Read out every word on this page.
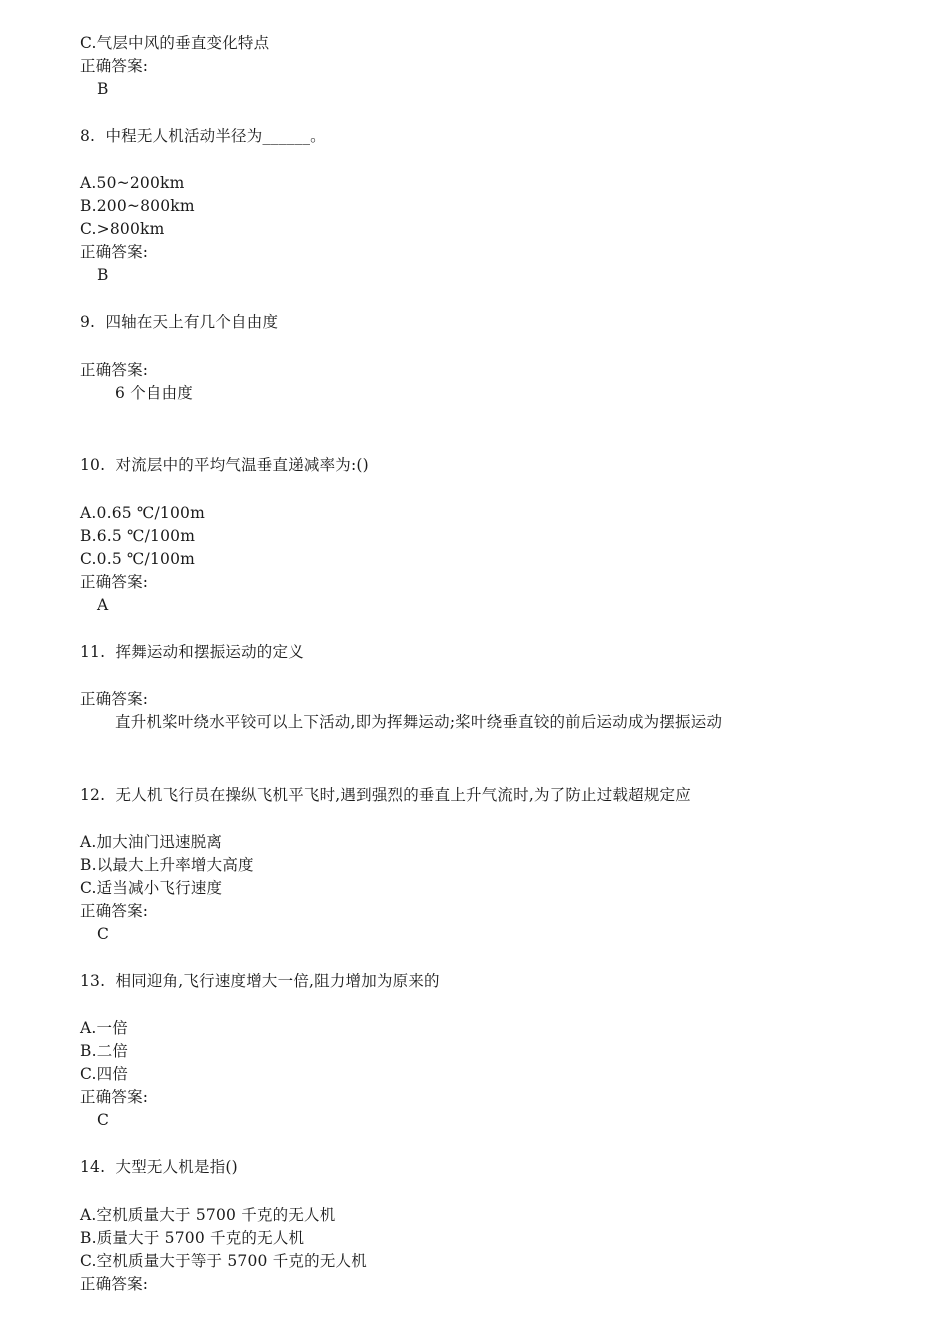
C.气层中风的垂直变化特点
正确答案:
B
8.  中程无人机活动半径为______。
A.50~200km
B.200~800km
C.>800km
正确答案:
B
9.  四轴在天上有几个自由度
正确答案:
6 个自由度
10.  对流层中的平均气温垂直递减率为:()
A.0.65 ℃/100m
B.6.5 ℃/100m
C.0.5 ℃/100m
正确答案:
A
11.  挥舞运动和摆振运动的定义
正确答案:
直升机桨叶绕水平铰可以上下活动,即为挥舞运动;桨叶绕垂直铰的前后运动成为摆振运动
12.  无人机飞行员在操纵飞机平飞时,遇到强烈的垂直上升气流时,为了防止过载超规定应
A.加大油门迅速脱离
B.以最大上升率增大高度
C.适当减小飞行速度
正确答案:
C
13.  相同迎角,飞行速度增大一倍,阻力增加为原来的
A.一倍
B.二倍
C.四倍
正确答案:
C
14.  大型无人机是指()
A.空机质量大于 5700 千克的无人机
B.质量大于 5700 千克的无人机
C.空机质量大于等于 5700 千克的无人机
正确答案:
